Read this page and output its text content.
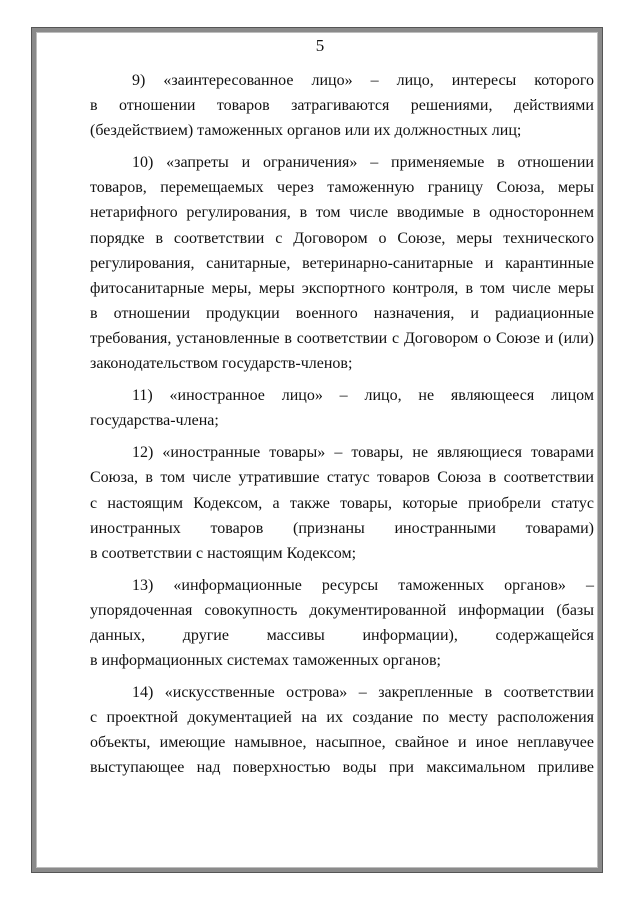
5

9) «заинтересованное лицо» – лицо, интересы которого
в отношении товаров затрагиваются решениями, действиями
(бездействием) таможенных органов или их должностных лиц;

10) «запреты и ограничения» – применяемые в отношении
товаров, перемещаемых через таможенную границу Союза, меры
нетарифного регулирования, в том числе вводимые в одностороннем
порядке в соответствии с Договором о Союзе, меры технического
регулирования, санитарные, ветеринарно-санитарные и карантинные
фитосанитарные меры, меры экспортного контроля, в том числе меры
в отношении продукции военного назначения, и радиационные
требования, установленные в соответствии с Договором о Союзе и (или)
законодательством государств-членов;

11) «иностранное лицо» – лицо, не являющееся лицом
государства-члена;

12) «иностранные товары» – товары, не являющиеся товарами
Союза, в том числе утратившие статус товаров Союза в соответствии
с настоящим Кодексом, а также товары, которые приобрели статус
иностранных товаров (признаны иностранными товарами)
в соответствии с настоящим Кодексом;

13) «информационные ресурсы таможенных органов» –
упорядоченная совокупность документированной информации (базы
данных, другие массивы информации), содержащейся
в информационных системах таможенных органов;

14) «искусственные острова» – закрепленные в соответствии
с проектной документацией на их создание по месту расположения
объекты, имеющие намывное, насыпное, свайное и иное неплавучее
выступающее над поверхностью воды при максимальном приливе
